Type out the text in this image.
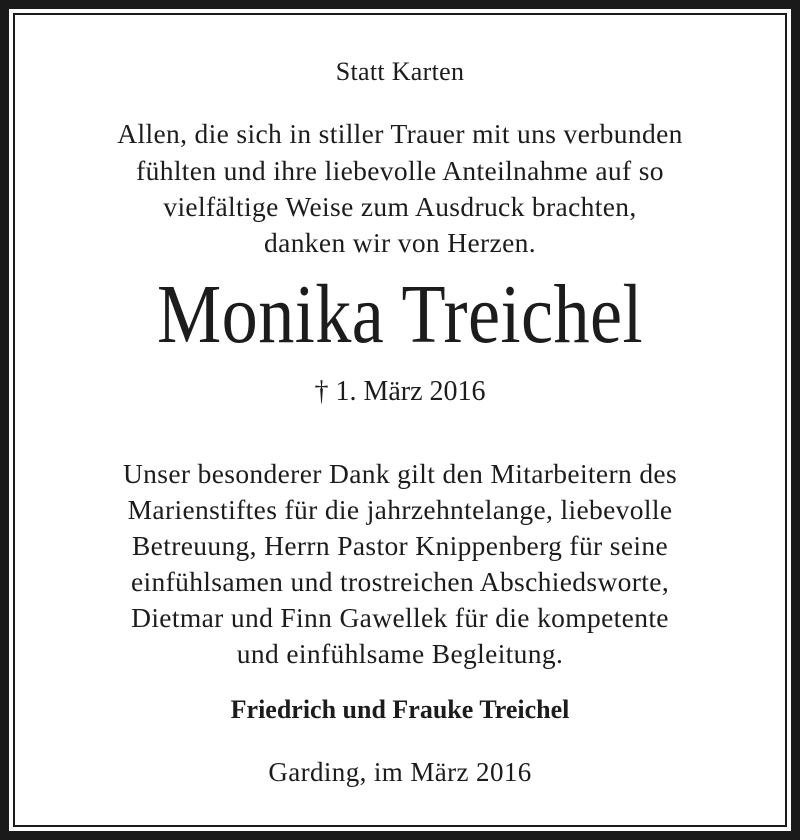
Statt Karten
Allen, die sich in stiller Trauer mit uns verbunden
fühlten und ihre liebevolle Anteilnahme auf so
vielfältige Weise zum Ausdruck brachten,
danken wir von Herzen.
Monika Treichel
† 1. März 2016
Unser besonderer Dank gilt den Mitarbeitern des
Marienstiftes für die jahrzehntelange, liebevolle
Betreuung, Herrn Pastor Knippenberg für seine
einfühlsamen und trostreichen Abschiedsworte,
Dietmar und Finn Gawellek für die kompetente
und einfühlsame Begleitung.
Friedrich und Frauke Treichel
Garding, im März 2016
